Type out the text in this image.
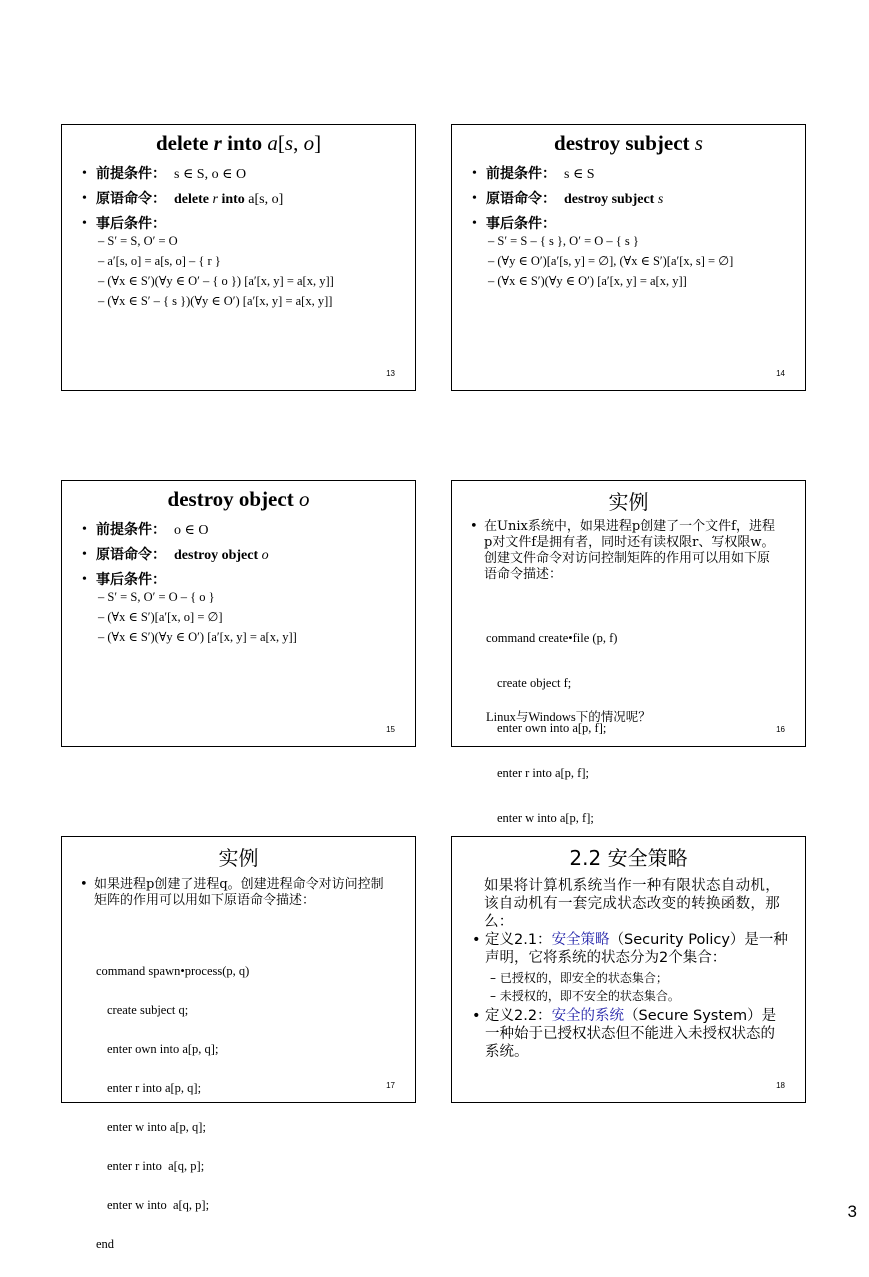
delete r into a[s, o]
• 前提条件： s ∈ S, o ∈ O
• 原语命令： delete r into a[s, o]
• 事后条件：
– S′ = S, O′ = O
– a′[s, o] = a[s, o] – { r }
– (∀x ∈ S′)(∀y ∈ O′ – { o }) [a′[x, y] = a[x, y]]
– (∀x ∈ S′ – { s })(∀y ∈ O′) [a′[x, y] = a[x, y]]
13
destroy subject s
• 前提条件： s ∈ S
• 原语命令： destroy subject s
• 事后条件：
– S′ = S – { s }, O′ = O – { s }
– (∀y ∈ O′)[a′[s, y] = ∅], (∀x ∈ S′)[a′[x, s] = ∅]
– (∀x ∈ S′)(∀y ∈ O′) [a′[x, y] = a[x, y]]
14
destroy object o
• 前提条件： o ∈ O
• 原语命令： destroy object o
• 事后条件：
– S′ = S, O′ = O – { o }
– (∀x ∈ S′)[a′[x, o] = ∅]
– (∀x ∈ S′)(∀y ∈ O′) [a′[x, y] = a[x, y]]
15
实例
• 在Unix系统中，如果进程p创建了一个文件f，进程p对文件f是拥有者，同时还有读权限r、写权限w。创建文件命令对访问控制矩阵的作用可以用如下原语命令描述：

command create•file (p, f)

create object f;

enter own into a[p, f];

enter r into a[p, f];

enter w into a[p, f];

Linux与Windows下的情况呢？
16
实例
• 如果进程p创建了进程q。创建进程命令对访问控制矩阵的作用可以用如下原语命令描述：

command spawn•process(p, q)

create subject q;

enter own into a[p, q];

enter r into a[p, q];

enter w into a[p, q];

enter r into  a[q, p];

enter w into  a[q, p];

end

17
2.2 安全策略
如果将计算机系统当作一种有限状态自动机，该自动机有一套完成状态改变的转换函数，那么：
• 定义2.1：安全策略（Security Policy）是一种声明，它将系统的状态分为2个集合：
– 已授权的，即安全的状态集合；
– 未授权的，即不安全的状态集合。
• 定义2.2：安全的系统（Secure System）是一种始于已授权状态但不能进入未授权状态的系统。
18
3
